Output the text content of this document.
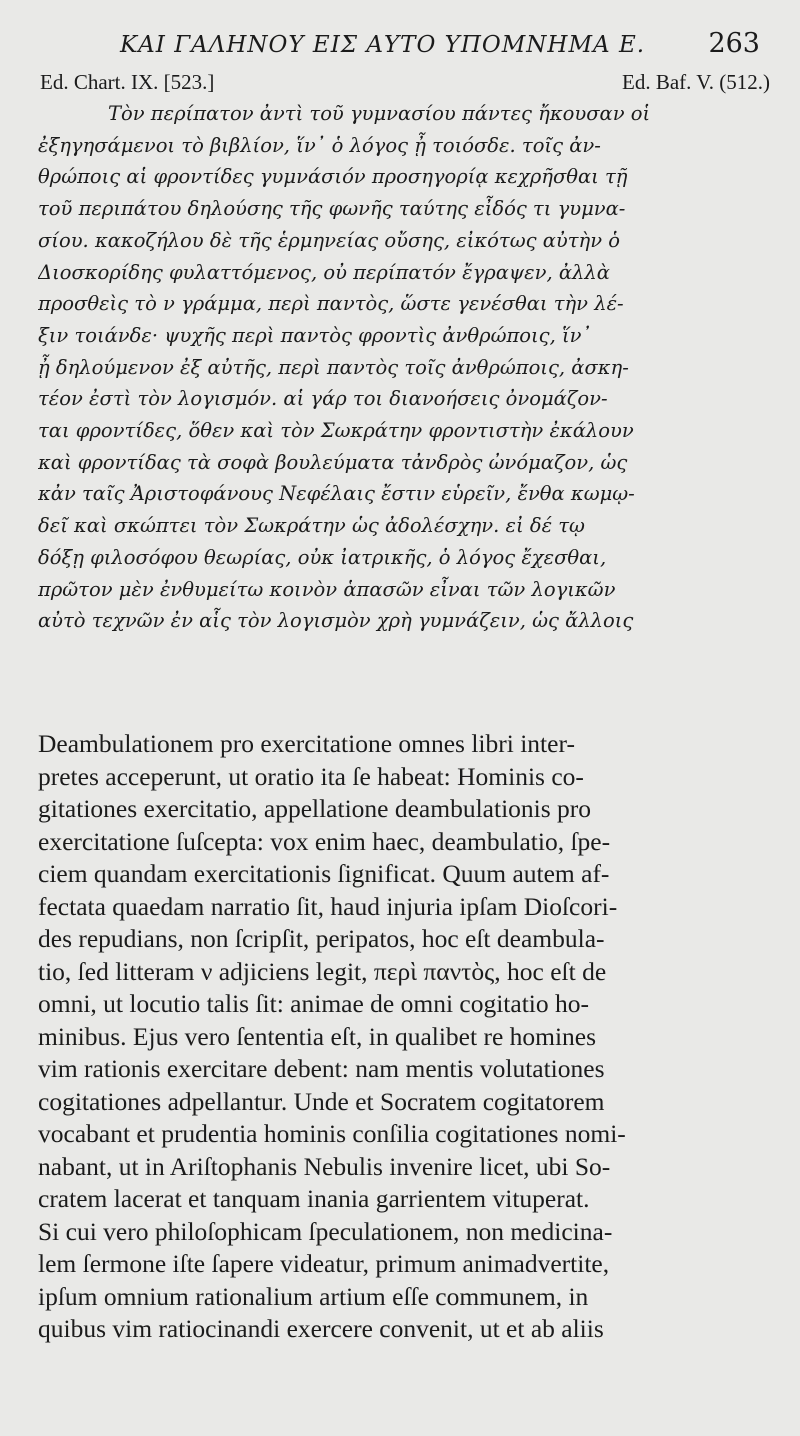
ΚΑΙ ΓΑΛΗΝΟΥ ΕΙΣ ΑΥΤΟ ΥΠΟΜΝΗΜΑ Ε. 263
Ed. Chart. IX. [523.]	Ed. Baf. V. (512.)
Τὸν περίπατον ἀντὶ τοῦ γυμνασίου πάντες ἤκουσαν οἱ
ἐξηγησάμενοι τὸ βιβλίον, ἵν᾽ ὁ λόγος ᾖ τοιόσδε. τοῖς ἀν-
θρώποις αἱ φροντίδες γυμνάσιόν προσηγορίᾳ κεχρῆσθαι τῇ
τοῦ περιπάτου δηλούσης τῆς φωνῆς ταύτης εἶδός τι γυμνα-
σίου. κακοζήλου δὲ τῆς ἑρμηνείας οὔσης, εἰκότως αὐτὴν ὁ
Διοσκορίδης φυλαττόμενος, οὐ περίπατόν ἔγραψεν, ἀλλὰ
προσθεὶς τὸ ν γράμμα, περὶ παντὸς, ὥστε γενέσθαι τὴν λέ-
ξιν τοιάνδε· ψυχῆς περὶ παντὸς φροντὶς ἀνθρώποις, ἵν᾽
ᾖ δηλούμενον ἐξ αὐτῆς, περὶ παντὸς τοῖς ἀνθρώποις, ἀσκη-
τέον ἐστὶ τὸν λογισμόν. αἱ γάρ τοι διανοήσεις ὀνομάζον-
ται φροντίδες, ὅθεν καὶ τὸν Σωκράτην φροντιστὴν ἐκάλουν
καὶ φροντίδας τὰ σοφὰ βουλεύματα τἀνδρὸς ὠνόμαζον, ὡς
κἀν ταῖς Ἀριστοφάνους Νεφέλαις ἔστιν εὑρεῖν, ἔνθα κωμῳ-
δεῖ καὶ σκώπτει τὸν Σωκράτην ὡς ἀδολέσχην. εἰ δέ τῳ
δόξῃ φιλοσόφου θεωρίας, οὐκ ἰατρικῆς, ὁ λόγος ἔχεσθαι,
πρῶτον μὲν ἐνθυμείτω κοινὸν ἁπασῶν εἶναι τῶν λογικῶν
αὐτὸ τεχνῶν ἐν αἷς τὸν λογισμὸν χρὴ γυμνάζειν, ὡς ἄλλοις
Deambulationem pro exercitatione omnes libri inter-
pretes acceperunt, ut oratio ita ſe habeat: Hominis co-
gitationes exercitatio, appellatione deambulationis pro
exercitatione ſuſcepta: vox enim haec, deambulatio, ſpe-
ciem quandam exercitationis ſignificat. Quum autem af-
fectata quaedam narratio ſit, haud injuria ipſam Dioſcori-
des repudians, non ſcripſit, peripatos, hoc eſt deambula-
tio, ſed litteram ν adjiciens legit, περὶ παντὸς, hoc eſt de
omni, ut locutio talis ſit: animae de omni cogitatio ho-
minibus. Ejus vero ſententia eſt, in qualibet re homines
vim rationis exercitare debent: nam mentis volutationes
cogitationes adpellantur. Unde et Socratem cogitatorem
vocabant et prudentia hominis conſilia cogitationes nomi-
nabant, ut in Ariſtophanis Nebulis invenire licet, ubi So-
cratem lacerat et tanquam inania garrientem vituperat.
Si cui vero philoſophicam ſpeculationem, non medicina-
lem ſermone iſte ſapere videatur, primum animadvertite,
ipſum omnium rationalium artium eſſe communem, in
quibus vim ratiocinandi exercere convenit, ut et ab aliis
